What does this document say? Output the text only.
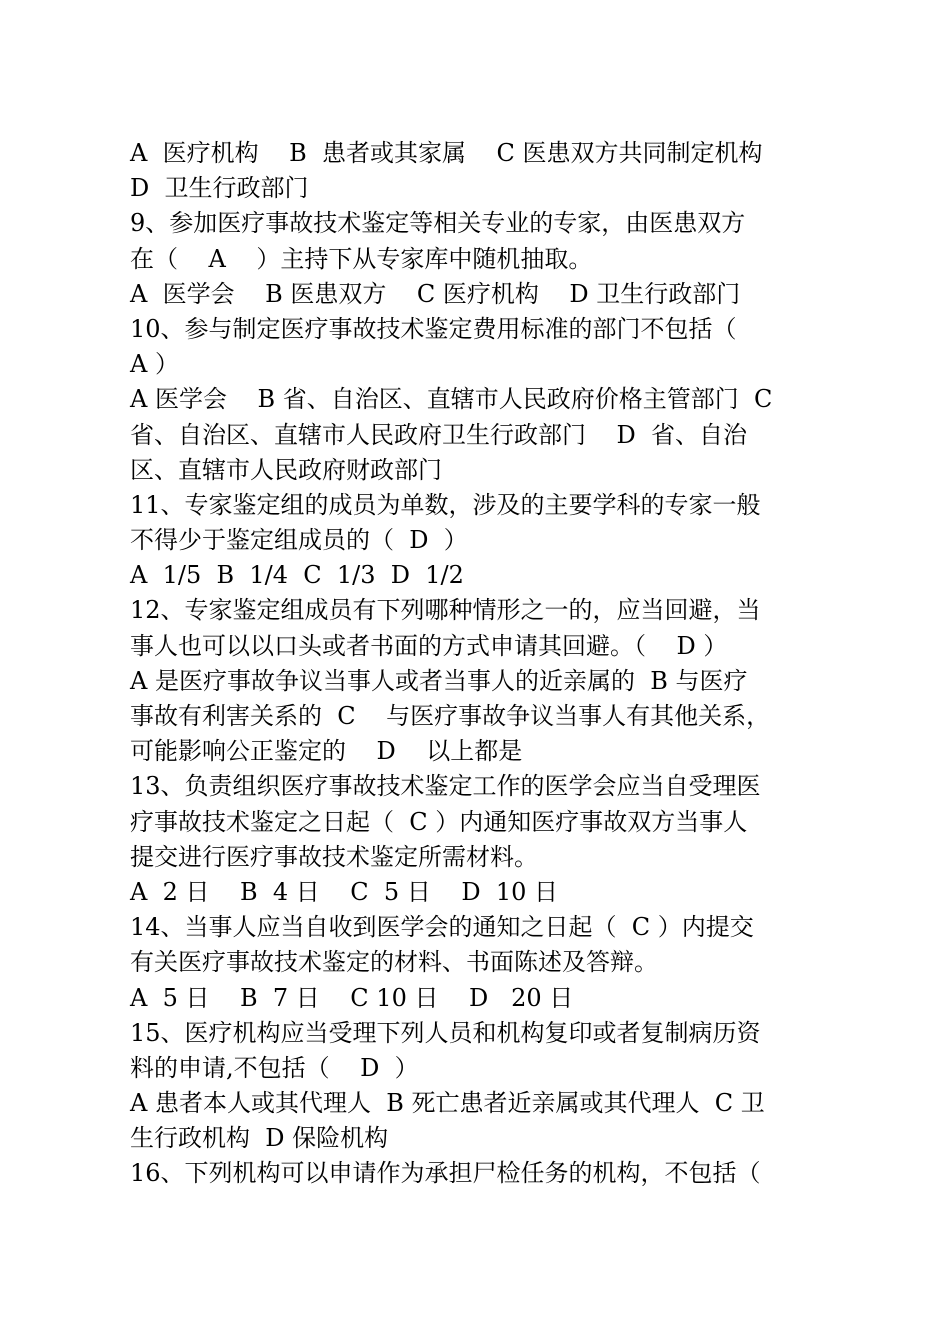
A  医疗机构    B  患者或其家属    C 医患双方共同制定机构
D  卫生行政部门
9、参加医疗事故技术鉴定等相关专业的专家，由医患双方
在（    A    ）主持下从专家库中随机抽取。
A  医学会    B 医患双方    C 医疗机构    D 卫生行政部门
10、参与制定医疗事故技术鉴定费用标准的部门不包括（
A ）
A 医学会    B 省、自治区、直辖市人民政府价格主管部门  C
省、自治区、直辖市人民政府卫生行政部门    D  省、自治
区、直辖市人民政府财政部门
11、专家鉴定组的成员为单数，涉及的主要学科的专家一般
不得少于鉴定组成员的（  D  ）
A  1/5  B  1/4  C  1/3  D  1/2
12、专家鉴定组成员有下列哪种情形之一的，应当回避，当
事人也可以以口头或者书面的方式申请其回避。（    D ）
A 是医疗事故争议当事人或者当事人的近亲属的  B 与医疗
事故有利害关系的  C    与医疗事故争议当事人有其他关系，
可能影响公正鉴定的    D    以上都是
13、负责组织医疗事故技术鉴定工作的医学会应当自受理医
疗事故技术鉴定之日起（  C ）内通知医疗事故双方当事人
提交进行医疗事故技术鉴定所需材料。
A  2 日    B  4 日    C  5 日    D  10 日
14、当事人应当自收到医学会的通知之日起（  C ）内提交
有关医疗事故技术鉴定的材料、书面陈述及答辩。
A  5 日    B  7 日    C 10 日    D   20 日
15、医疗机构应当受理下列人员和机构复印或者复制病历资
料的申请,不包括（    D  ）
A 患者本人或其代理人  B 死亡患者近亲属或其代理人  C 卫
生行政机构  D 保险机构
16、下列机构可以申请作为承担尸检任务的机构，不包括（
